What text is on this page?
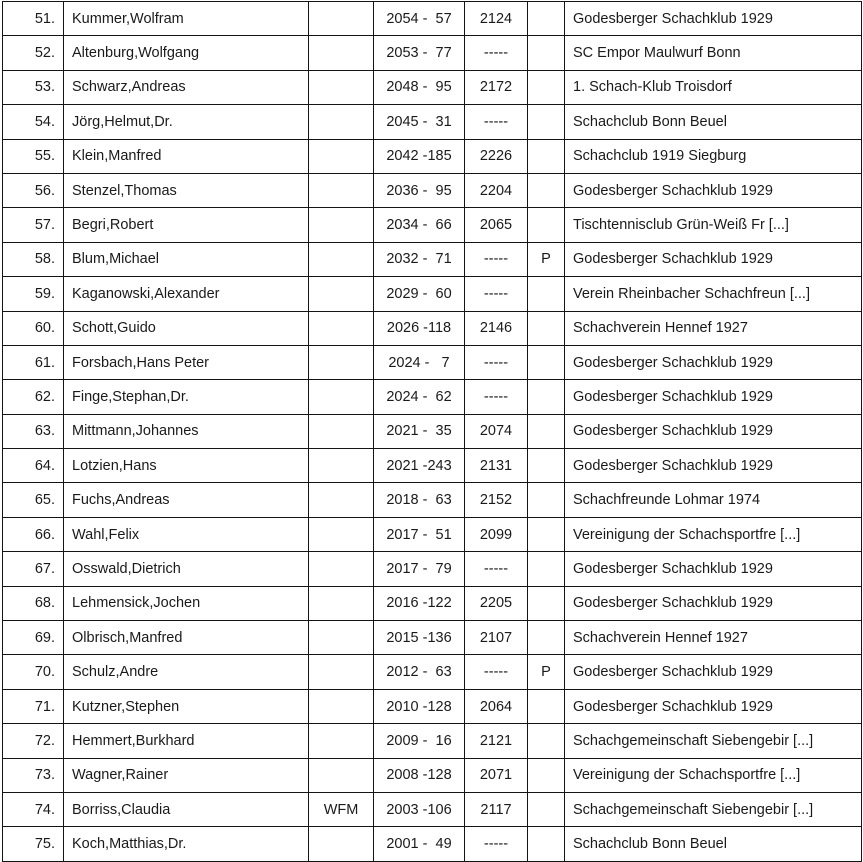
51.	Kummer,Wolfram		2054 -  57	2124		Godesberger Schachklub 1929
52.	Altenburg,Wolfgang		2053 -  77	-----		SC Empor Maulwurf Bonn
53.	Schwarz,Andreas		2048 -  95	2172		1. Schach-Klub Troisdorf
54.	Jörg,Helmut,Dr.		2045 -  31	-----		Schachclub Bonn Beuel
55.	Klein,Manfred		2042 -185	2226		Schachclub 1919 Siegburg
56.	Stenzel,Thomas		2036 -  95	2204		Godesberger Schachklub 1929
57.	Begri,Robert		2034 -  66	2065		Tischtennisclub Grün-Weiß Fr [...]
58.	Blum,Michael		2032 -  71	-----	P	Godesberger Schachklub 1929
59.	Kaganowski,Alexander		2029 -  60	-----		Verein Rheinbacher Schachfreun [...]
60.	Schott,Guido		2026 -118	2146		Schachverein Hennef 1927
61.	Forsbach,Hans Peter		2024 -   7	-----		Godesberger Schachklub 1929
62.	Finge,Stephan,Dr.		2024 -  62	-----		Godesberger Schachklub 1929
63.	Mittmann,Johannes		2021 -  35	2074		Godesberger Schachklub 1929
64.	Lotzien,Hans		2021 -243	2131		Godesberger Schachklub 1929
65.	Fuchs,Andreas		2018 -  63	2152		Schachfreunde Lohmar 1974
66.	Wahl,Felix		2017 -  51	2099		Vereinigung der Schachsportfre [...]
67.	Osswald,Dietrich		2017 -  79	-----		Godesberger Schachklub 1929
68.	Lehmensick,Jochen		2016 -122	2205		Godesberger Schachklub 1929
69.	Olbrisch,Manfred		2015 -136	2107		Schachverein Hennef 1927
70.	Schulz,Andre		2012 -  63	-----	P	Godesberger Schachklub 1929
71.	Kutzner,Stephen		2010 -128	2064		Godesberger Schachklub 1929
72.	Hemmert,Burkhard		2009 -  16	2121		Schachgemeinschaft Siebengebir [...]
73.	Wagner,Rainer		2008 -128	2071		Vereinigung der Schachsportfre [...]
74.	Borriss,Claudia	WFM	2003 -106	2117		Schachgemeinschaft Siebengebir [...]
75.	Koch,Matthias,Dr.		2001 -  49	-----		Schachclub Bonn Beuel
